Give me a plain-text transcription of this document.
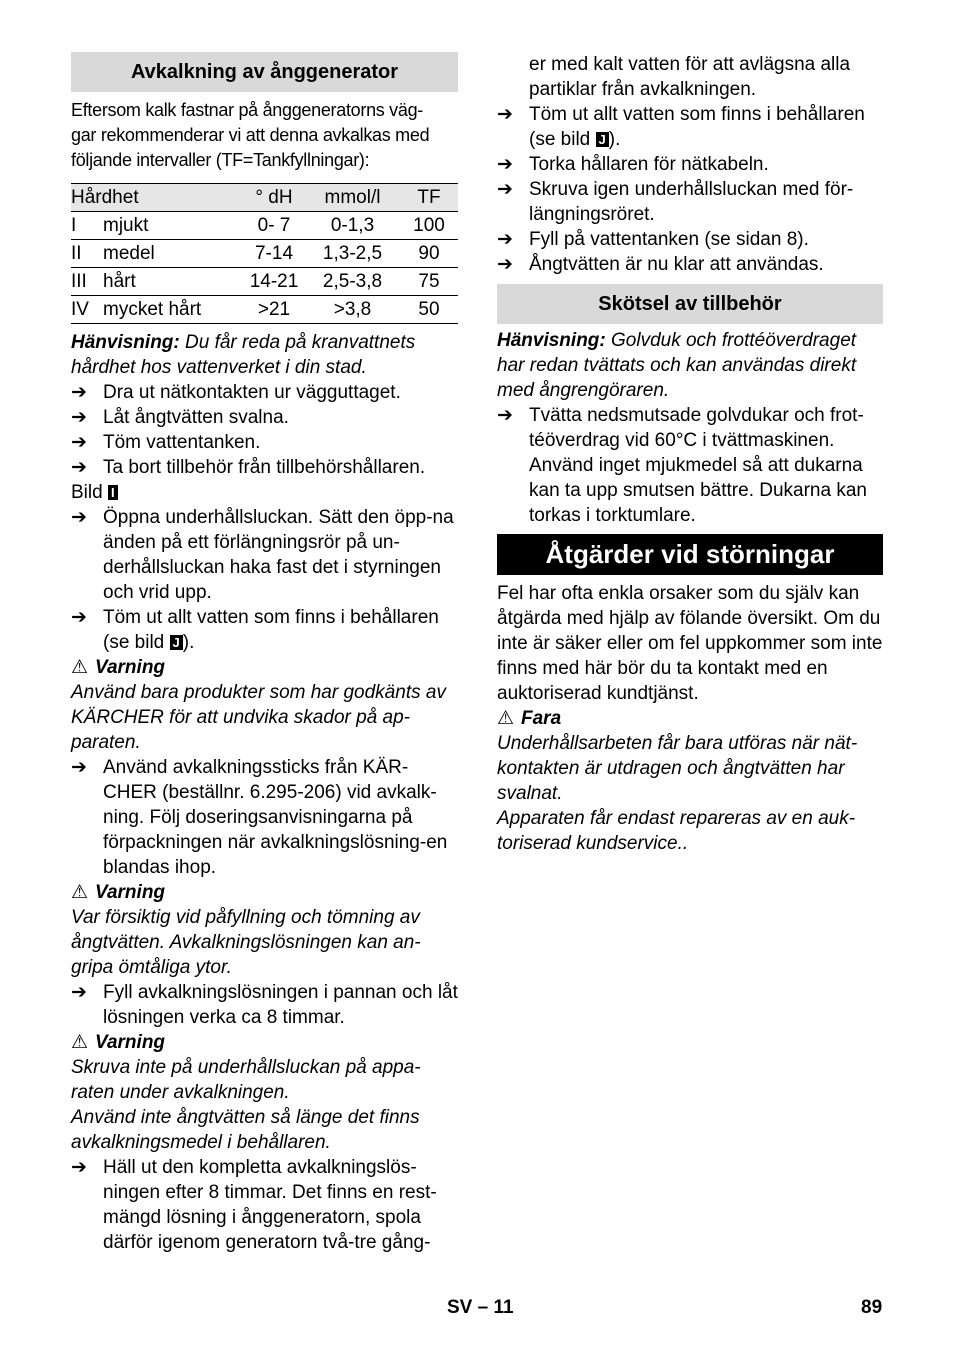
Avkalkning av ånggenerator

Eftersom kalk fastnar på ånggeneratorns väg-
gar rekommenderar vi att denna avkalkas med
följande intervaller (TF=Tankfyllningar):

Hårdhet		° dH	mmol/l	TF
I	mjukt	0- 7	0-1,3	100
II	medel	7-14	1,3-2,5	90
III	hårt	14-21	2,5-3,8	75
IV	mycket hårt	>21	>3,8	50

Hänvisning: Du får reda på kranvattnets hårdhet hos vattenverket i din stad.

➔ Dra ut nätkontakten ur vägguttaget.
➔ Låt ångtvätten svalna.
➔ Töm vattentanken.
➔ Ta bort tillbehör från tillbehörshållaren.

Bild I

➔ Öppna underhållsluckan. Sätt den öpp-na änden på ett förlängningsrör på un-derhållsluckan haka fast det i styrningen och vrid upp.
➔ Töm ut allt vatten som finns i behållaren (se bild J ).

⚠ Varning

Använd bara produkter som har godkänts av KÄRCHER för att undvika skador på ap-paraten.

➔ Använd avkalkningssticks från KÄR-CHER (beställnr. 6.295-206) vid avkalk-ning. Följ doseringsanvisningarna på förpackningen när avkalkningslösning-en blandas ihop.

⚠ Varning

Var försiktig vid påfyllning och tömning av ångtvätten. Avkalkningslösningen kan an-gripa ömtåliga ytor.

➔ Fyll avkalkningslösningen i pannan och låt lösningen verka ca 8 timmar.

⚠ Varning

Skruva inte på underhållsluckan på appa-raten under avkalkningen.

Använd inte ångtvätten så länge det finns avkalkningsmedel i behållaren.

➔ Häll ut den kompletta avkalkningslös-ningen efter 8 timmar. Det finns en rest-mängd lösning i ånggeneratorn, spola därför igenom generatorn två-tre gång-

er med kalt vatten för att avlägsna alla partiklar från avkalkningen.

➔ Töm ut allt vatten som finns i behållaren (se bild J ).
➔ Torka hållaren för nätkabeln.
➔ Skruva igen underhållsluckan med för-längningsröret.
➔ Fyll på vattentanken (se sidan 8).
➔ Ångtvätten är nu klar att användas.
Skötsel av tillbehör

Hänvisning: Golvduk och frottéöverdraget har redan tvättats och kan användas direkt med ångrengöraren.

➔ Tvätta nedsmutsade golvdukar och frot-téöverdrag vid 60°C i tvättmaskinen. Använd inget mjukmedel så att dukarna kan ta upp smutsen bättre. Dukarna kan torkas i torktumlare.
Åtgärder vid störningar

Fel har ofta enkla orsaker som du själv kan åtgärda med hjälp av fölande översikt. Om du inte är säker eller om fel uppkommer som inte finns med här bör du ta kontakt med en auktoriserad kundtjänst.

⚠ Fara

Underhållsarbeten får bara utföras när nät-kontakten är utdragen och ångtvätten har svalnat.

Apparaten får endast repareras av en auk-toriserad kundservice..

SV – 11	89
